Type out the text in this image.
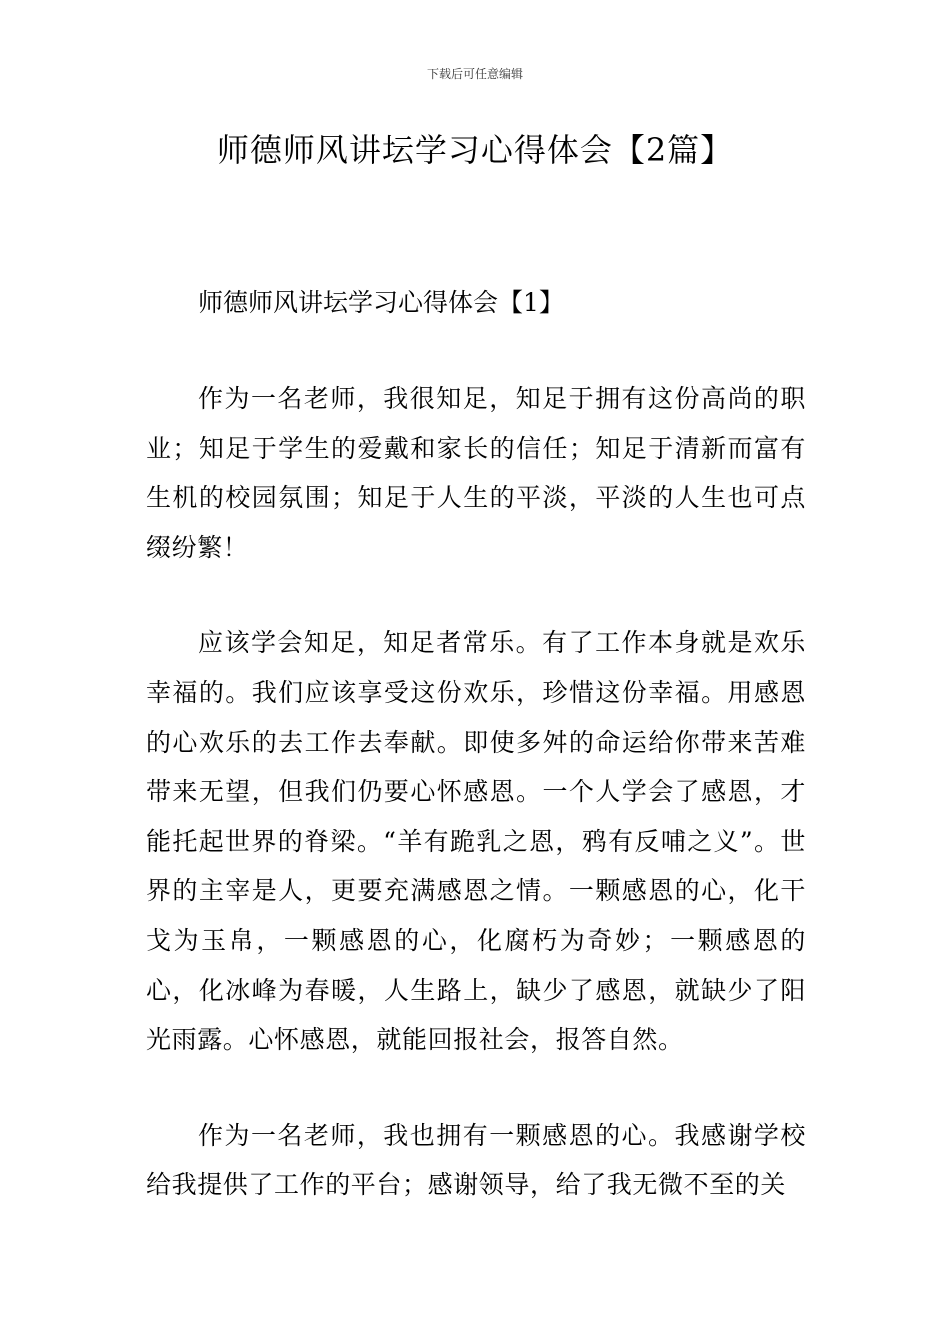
下载后可任意编辑
师德师风讲坛学习心得体会【2篇】
师德师风讲坛学习心得体会【1】

作为一名老师，我很知足，知足于拥有这份高尚的职业；知足于学生的爱戴和家长的信任；知足于清新而富有生机的校园氛围；知足于人生的平淡，平淡的人生也可点缀纷繁！

应该学会知足，知足者常乐。有了工作本身就是欢乐幸福的。我们应该享受这份欢乐，珍惜这份幸福。用感恩的心欢乐的去工作去奉献。即使多舛的命运给你带来苦难带来无望，但我们仍要心怀感恩。一个人学会了感恩，才能托起世界的脊梁。“羊有跪乳之恩，鸦有反哺之义”。世界的主宰是人，更要充满感恩之情。一颗感恩的心，化干戈为玉帛，一颗感恩的心，化腐朽为奇妙；一颗感恩的心，化冰峰为春暖，人生路上，缺少了感恩，就缺少了阳光雨露。心怀感恩，就能回报社会，报答自然。

作为一名老师，我也拥有一颗感恩的心。我感谢学校给我提供了工作的平台；感谢领导，给了我无微不至的关
